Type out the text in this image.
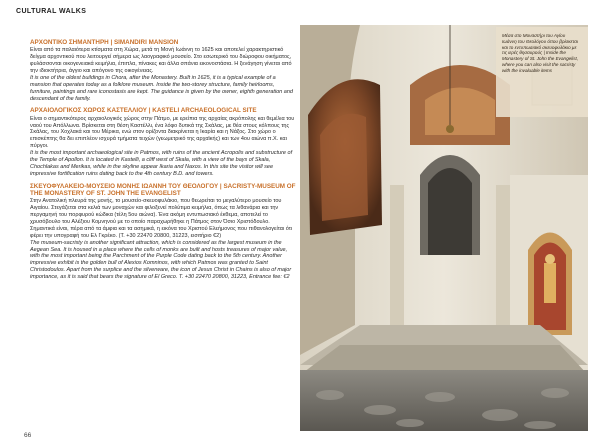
CULTURAL WALKS
ΑΡΧΟΝΤΙΚΟ ΣΗΜΑΝΤΗΡΗ | SIMANDIRI MANSION

Είναι από τα παλαιότερα κτίσματα στη Χώρα, μετά τη Μονή Ιωάννη το 1625 και αποτελεί χαρακτηριστικό δείγμα αρχοντικού που λειτουργεί σήμερα ως λαογραφικό μουσείο. Στο εσωτερικό του διώροφου οικήματος, φυλάσσονται οικογενειακά κειμήλια, έπιπλα, πίνακες και άλλα σπάνια εικονοστάσια. Η ξενάγηση γίνεται από την ιδιοκτήτρια, άγγιο και απόγονο της οικογένειας.

It is one of the oldest buildings in Chora, after the Monastery. Built in 1625, it is a typical example of a mansion that operates today as a folklore museum. Inside the two-storey structure, family heirlooms, furniture, paintings and rare iconostasis are kept. The guidance is given by the owner, eighth generation and descendant of the family.

ΑΡΧΑΙΟΛΟΓΙΚΟΣ ΧΩΡΟΣ ΚΑΣΤΕΛΛΙΟΥ | KASTELI ARCHAEOLOGICAL SITE

Είναι ο σημαντικότερος αρχαιολογικός χώρος στην Πάτμο, με ερείπια της αρχαίας ακρόπολης και θεμέλια του ναού του Απόλλωνα. Βρίσκεται στη θέση Καστέλλι, ένα λόφο δυτικά της Σκάλας, με θέα στους κόλπους της Σκάλας, του Χοχλακά και του Μέρικα, ενώ στον ορίζοντα διακρίνεται η Ικαρία και η Νάξος. Στο χώρο ο επισκέπτης θα δει επιπλέον ισχυρά τμήματα τειχών (γεωμετρικό της αρχαϊκής) και των 4ου αιώνα π.Χ. και πύργοι.

It is the most important archaeological site in Patmos, with ruins of the ancient Acropolis and substructure of the Temple of Apollon. It is located in Kastelli, a cliff west of Skala, with a view of the bays of Skala, Chochlakas and Merikas, while in the skyline appear Ikaria and Naxos. In this site the visitor will see impressive fortification ruins dating back to the 4th century B.D. and towers.

ΣΚΕΥΟΦΥΛΑΚΕΙΟ-ΜΟΥΣΕΙΟ ΜΟΝΗΣ ΙΩΑΝΝΗ ΤΟΥ ΘΕΟΛΟΓΟΥ | SACRISTY-MUSEUM OF THE MONASTERY OF ST. JOHN THE EVANGELIST

Στην Ανατολική πλευρά της μονής, το μουσείο-σκευοφυλάκιο, που θεωρείται το μεγαλύτερο μουσείο του Αιγαίου. Στεγάζεται στα κελιά των μοναχών και φιλοξενεί πολύτιμα κειμήλια, όπως τα λιθανάρια και την περγαμηνή του πορφυρού κώδικα (τέλη 5ου αιώνα). Ένα ακόμη εντυπωσιακό έκθεμα, αποτελεί το χρυσόβουλο του Αλέξιου Κομνηνού με το οποίο παραχωρήθηκε η Πάτμος στον Όσιο Χριστόδουλο. Σημαντικά είναι, πέρα από τα άμφια και τα ασημικά, η εικόνα του Χριστού Ελεήμονος που πιθανολογείται ότι φέρει την υπογραφή του Ελ Γκρέκο. (T. +30 22470 20800, 31223, εισιτήριο €2)

The museum-sacristy is another significant attraction, which is considered as the largest museum in the Aegean Sea. It is housed in a place where the cells of monks are built and hosts treasures of major value, with the most important being the Parchment of the Purple Code dating back to the 5th century. Another impressive exhibit is the golden bull of Alexios Komninos, with which Patmos was granted to Saint Christodoulos. Apart from the surplice and the silverware, the icon of Jesus Christ in Chains is also of major importance, as it is said that bears the signature of El Greco. T. +30 22470 20800, 31223, Entrance fee: €2

66
Μέσα στο Μοναστήρι του Αγίου Ιωάννη του Θεολόγου όπου βρίσκεται και το εντυπωσιακό σκευοφυλάκιο με τις ιερές θησαυρούς | Inside the Monastery of St. John the Evangelist, where you can also visit the sacristy with the invaluable items
